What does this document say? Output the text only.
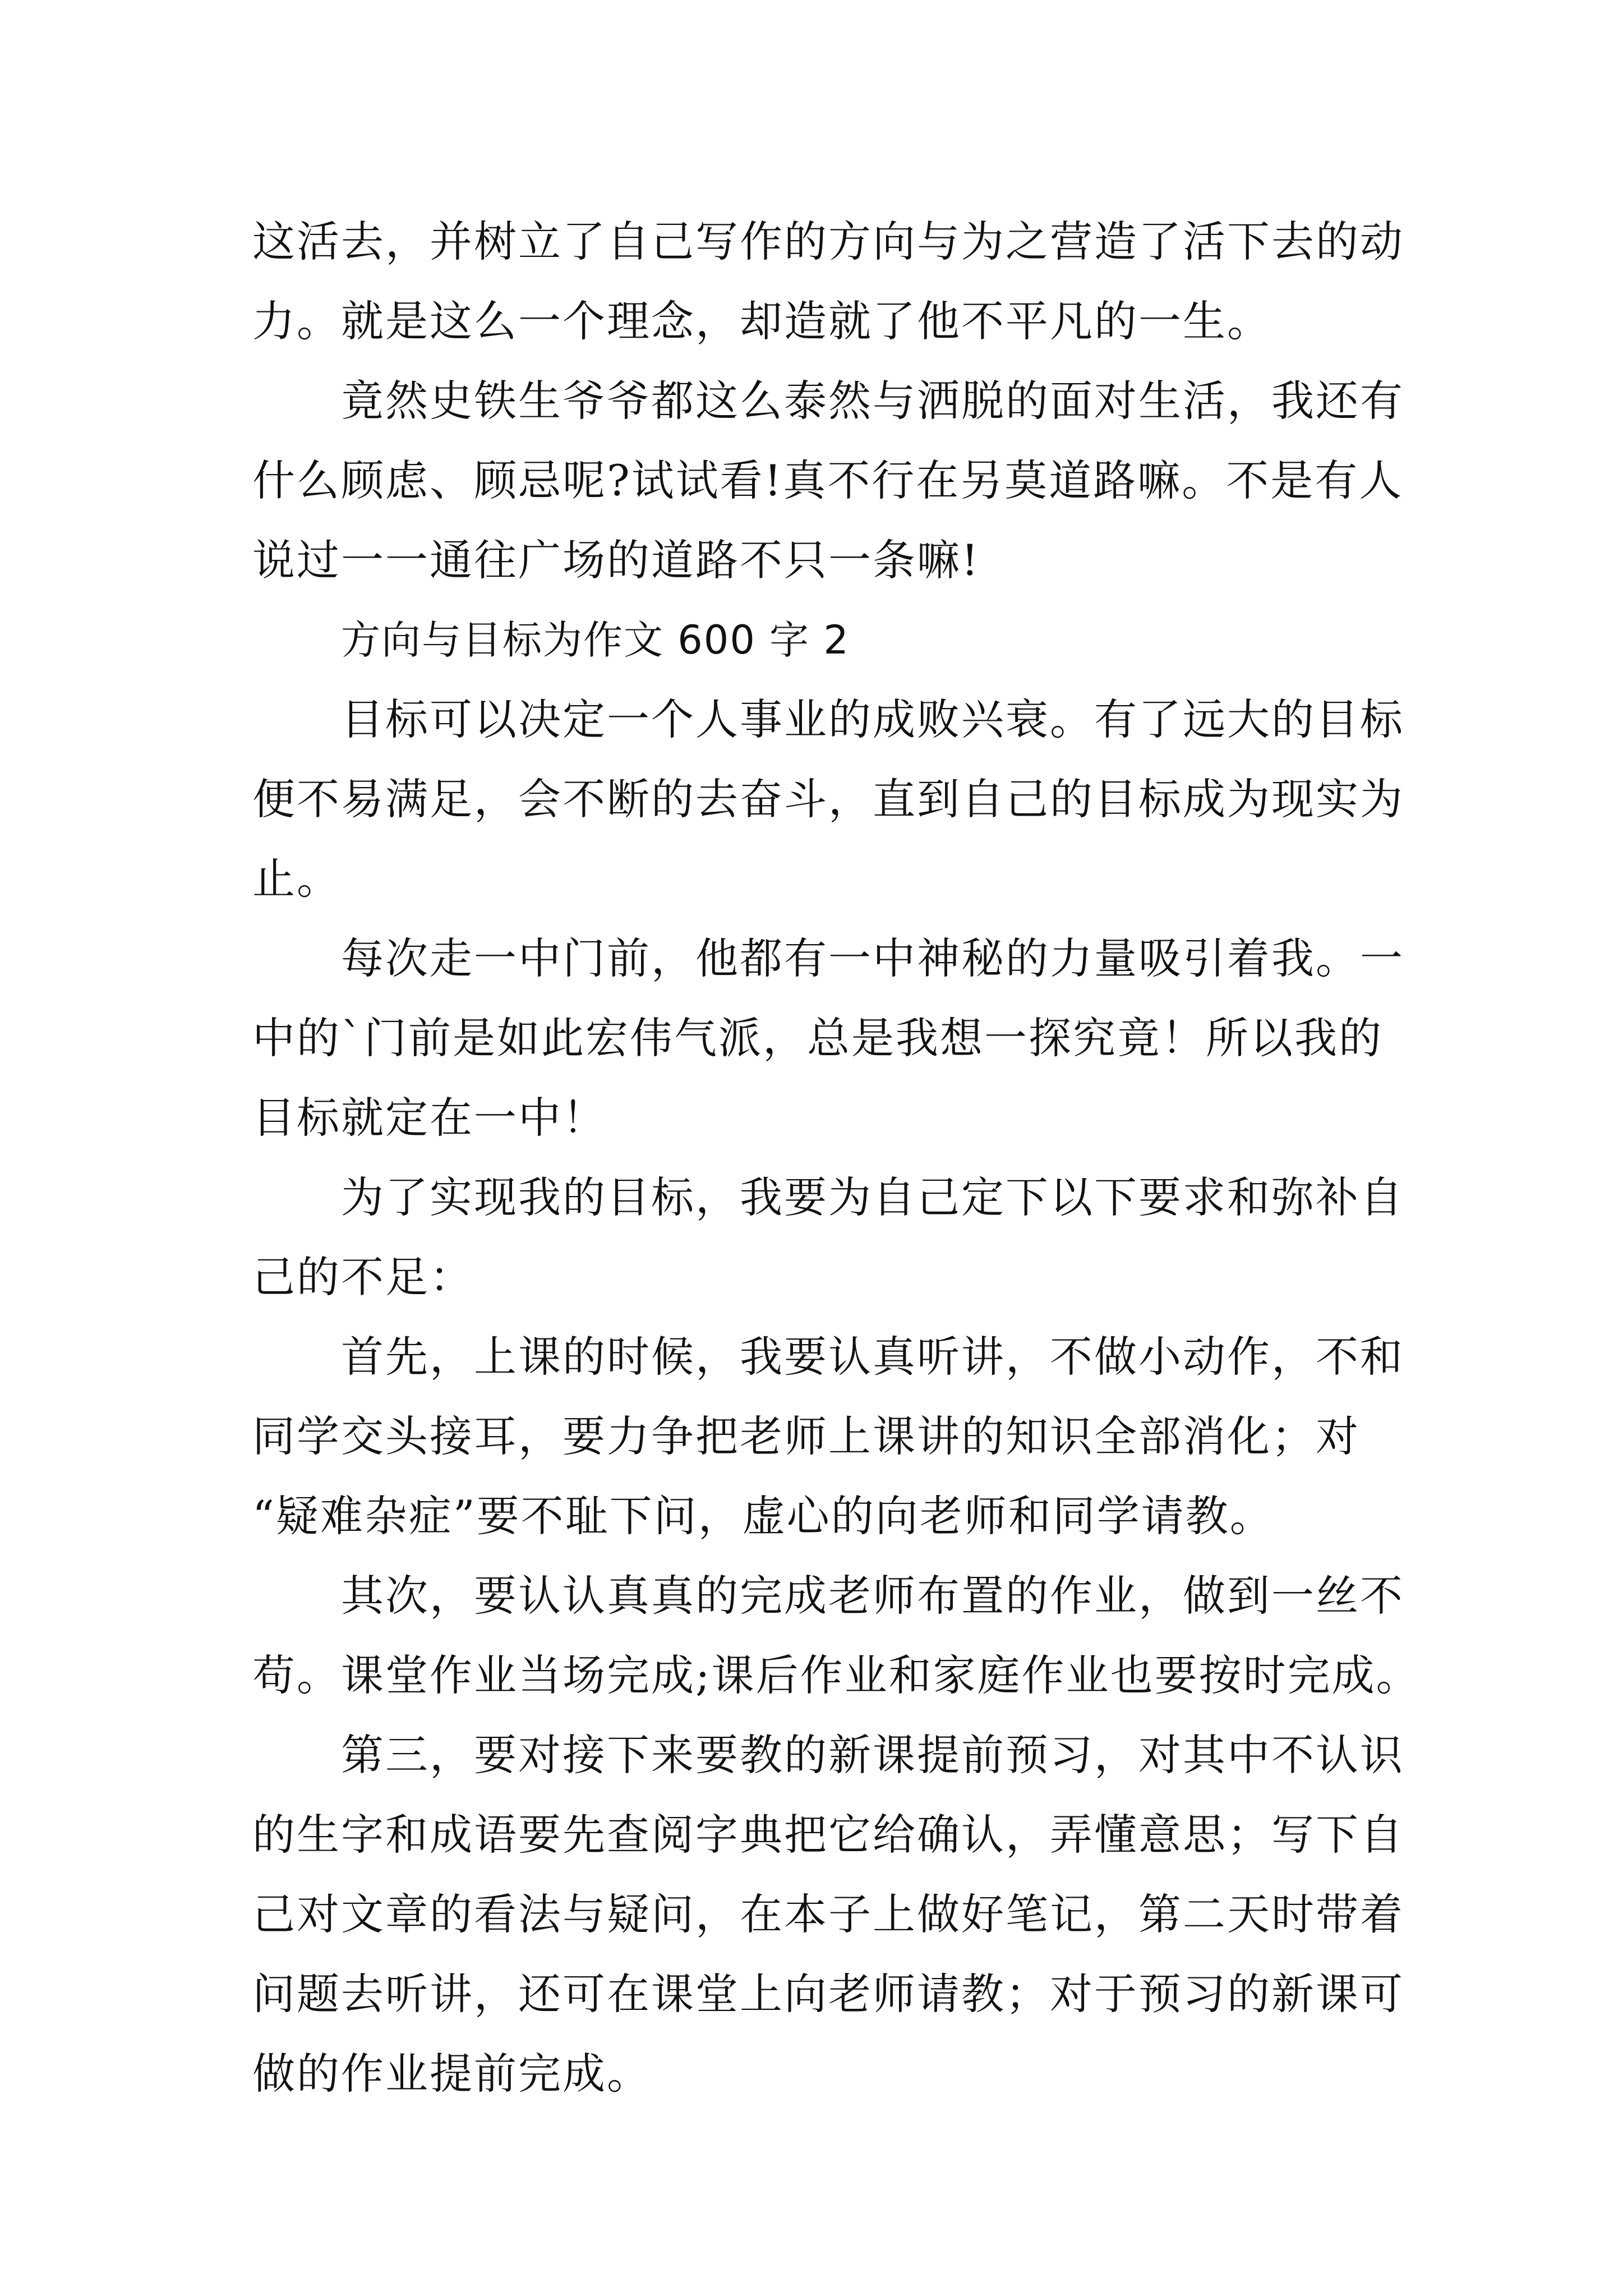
这活去，并树立了自己写作的方向与为之营造了活下去的动
力。就是这么一个理念，却造就了他不平凡的一生。
竟然史铁生爷爷都这么泰然与洒脱的面对生活，我还有
什么顾虑、顾忌呢?试试看!真不行在另莫道路嘛。不是有人
说过一一通往广场的道路不只一条嘛!
方向与目标为作文 600 字 2
目标可以决定一个人事业的成败兴衰。有了远大的目标
便不易满足，会不断的去奋斗，直到自己的目标成为现实为
止。
每次走一中门前，他都有一中神秘的力量吸引着我。一
中的`门前是如此宏伟气派，总是我想一探究竟！所以我的
目标就定在一中！
为了实现我的目标，我要为自己定下以下要求和弥补自
己的不足：
首先，上课的时候，我要认真听讲，不做小动作，不和
同学交头接耳，要力争把老师上课讲的知识全部消化；对
“疑难杂症”要不耻下问，虚心的向老师和同学请教。
其次，要认认真真的完成老师布置的作业，做到一丝不
苟。课堂作业当场完成;课后作业和家庭作业也要按时完成。
第三，要对接下来要教的新课提前预习，对其中不认识
的生字和成语要先查阅字典把它给确认，弄懂意思；写下自
己对文章的看法与疑问，在本子上做好笔记，第二天时带着
问题去听讲，还可在课堂上向老师请教；对于预习的新课可
做的作业提前完成。
